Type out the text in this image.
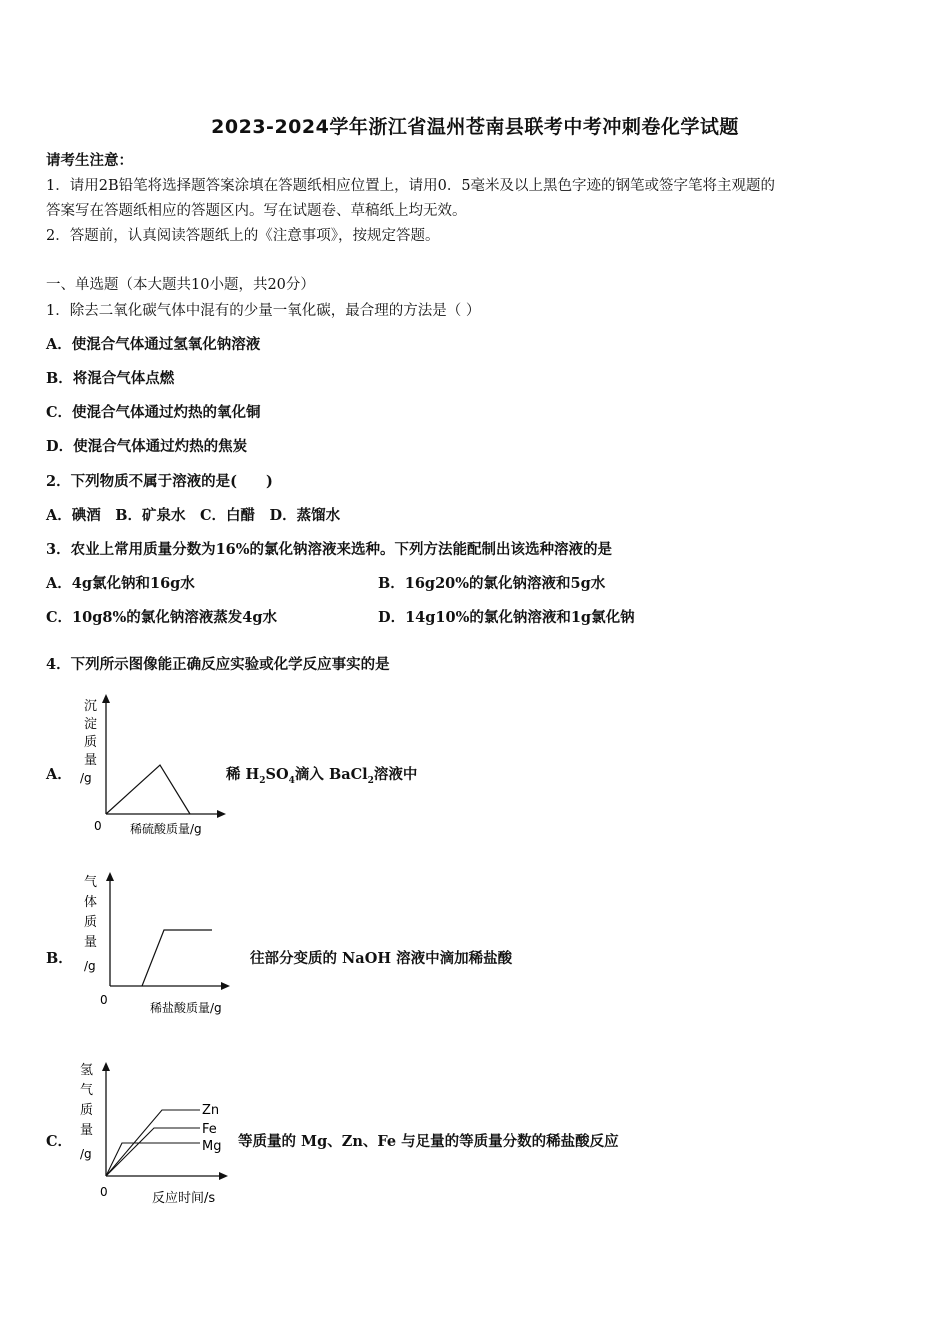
2023-2024学年浙江省温州苍南县联考中考冲刺卷化学试题
请考生注意：
1．请用2B铅笔将选择题答案涂填在答题纸相应位置上，请用0．5毫米及以上黑色字迹的钢笔或签字笔将主观题的
答案写在答题纸相应的答题区内。写在试题卷、草稿纸上均无效。
2．答题前，认真阅读答题纸上的《注意事项》，按规定答题。
一、单选题（本大题共10小题，共20分）
1．除去二氧化碳气体中混有的少量一氧化碳，最合理的方法是（ ）
A．使混合气体通过氢氧化钠溶液
B．将混合气体点燃
C．使混合气体通过灼热的氧化铜
D．使混合气体通过灼热的焦炭
2．下列物质不属于溶液的是(　　)
A．碘酒　B．矿泉水　C．白醋　D．蒸馏水
3．农业上常用质量分数为16%的氯化钠溶液来选种。下列方法能配制出该选种溶液的是
A．4g氯化钠和16g水	B．16g20%的氯化钠溶液和5g水
C．10g8%的氯化钠溶液蒸发4g水	D．14g10%的氯化钠溶液和1g氯化钠
4．下列所示图像能正确反应实验或化学反应事实的是
A．
沉
淀
质
量
/g
0 稀硫酸质量/g
稀 $H_2SO_4$滴入 BaCl$_2$溶液中
B．
气
体
质
量
/g
0
稀盐酸质量/g
往部分变质的 NaOH 溶液中滴加稀盐酸
C．
氢
气
质
量
/g
Zn
Fe
Mg
0	反应时间/s
等质量的 Mg、Zn、Fe 与足量的等质量分数的稀盐酸反应
